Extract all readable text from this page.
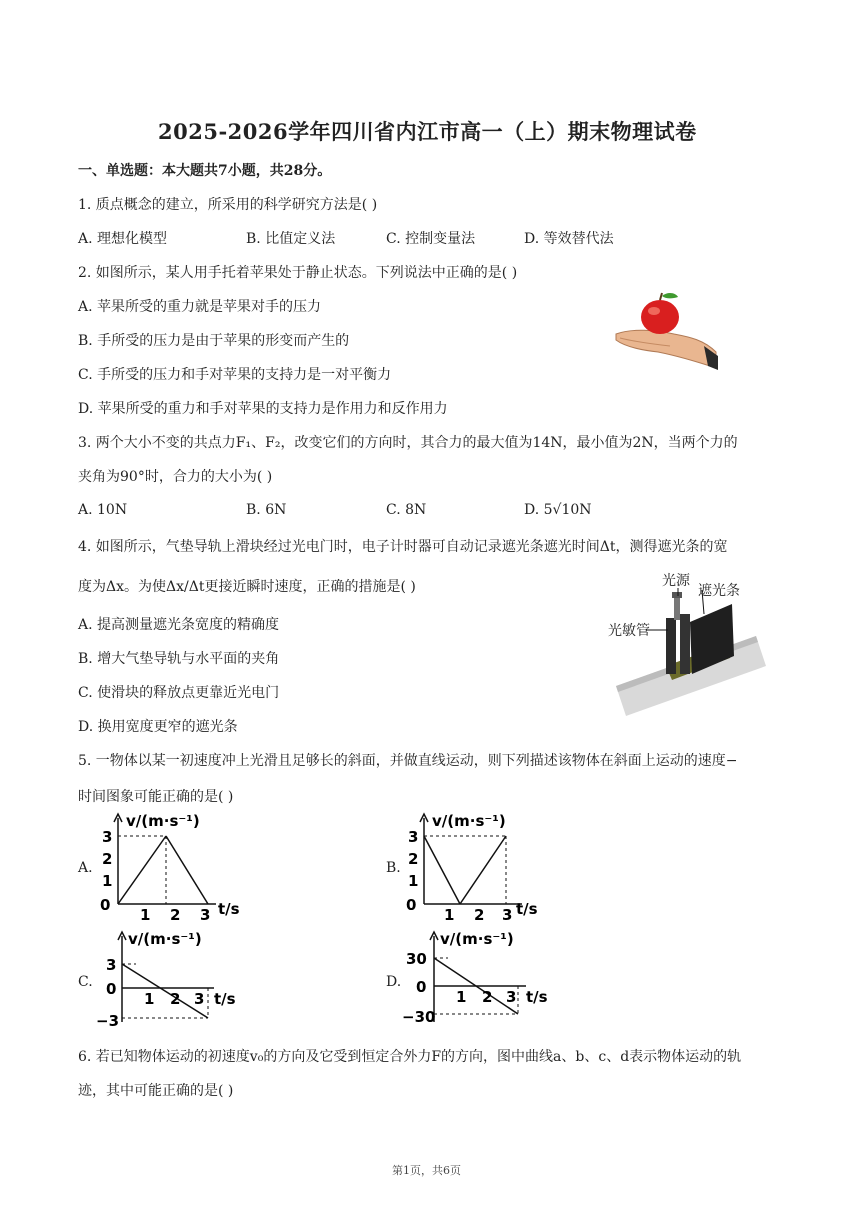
2025-2026学年四川省内江市高一（上）期末物理试卷
一、单选题：本大题共7小题，共28分。
1. 质点概念的建立，所采用的科学研究方法是( )
A. 理想化模型	B. 比值定义法	C. 控制变量法	D. 等效替代法
2. 如图所示，某人用手托着苹果处于静止状态。下列说法中正确的是( )
A. 苹果所受的重力就是苹果对手的压力
B. 手所受的压力是由于苹果的形变而产生的
C. 手所受的压力和手对苹果的支持力是一对平衡力
D. 苹果所受的重力和手对苹果的支持力是作用力和反作用力
3. 两个大小不变的共点力F₁、F₂，改变它们的方向时，其合力的最大值为14N，最小值为2N，当两个力的
夹角为90°时，合力的大小为( )
A. 10N	B. 6N	C. 8N	D. 5√10N
4. 如图所示，气垫导轨上滑块经过光电门时，电子计时器可自动记录遮光条遮光时间Δt，测得遮光条的宽
度为Δx。为使Δx/Δt更接近瞬时速度，正确的措施是( )
A. 提高测量遮光条宽度的精确度
B. 增大气垫导轨与水平面的夹角
C. 使滑块的释放点更靠近光电门
D. 换用宽度更窄的遮光条
光源
遮光条
光敏管
5. 一物体以某一初速度冲上光滑且足够长的斜面，并做直线运动，则下列描述该物体在斜面上运动的速度−
时间图象可能正确的是( )
A.
v/(m·s⁻¹)
3
2
1
0
1 2 3 t/s
B.
v/(m·s⁻¹)
3
2
1
0
1 2 3 t/s
C.
v/(m·s⁻¹)
3
0
−3
1 2 3 t/s
D.
v/(m·s⁻¹)
30
0
−30
1 2 3 t/s
6. 若已知物体运动的初速度v₀的方向及它受到恒定合外力F的方向，图中曲线a、b、c、d表示物体运动的轨
迹，其中可能正确的是( )
第1页，共6页
